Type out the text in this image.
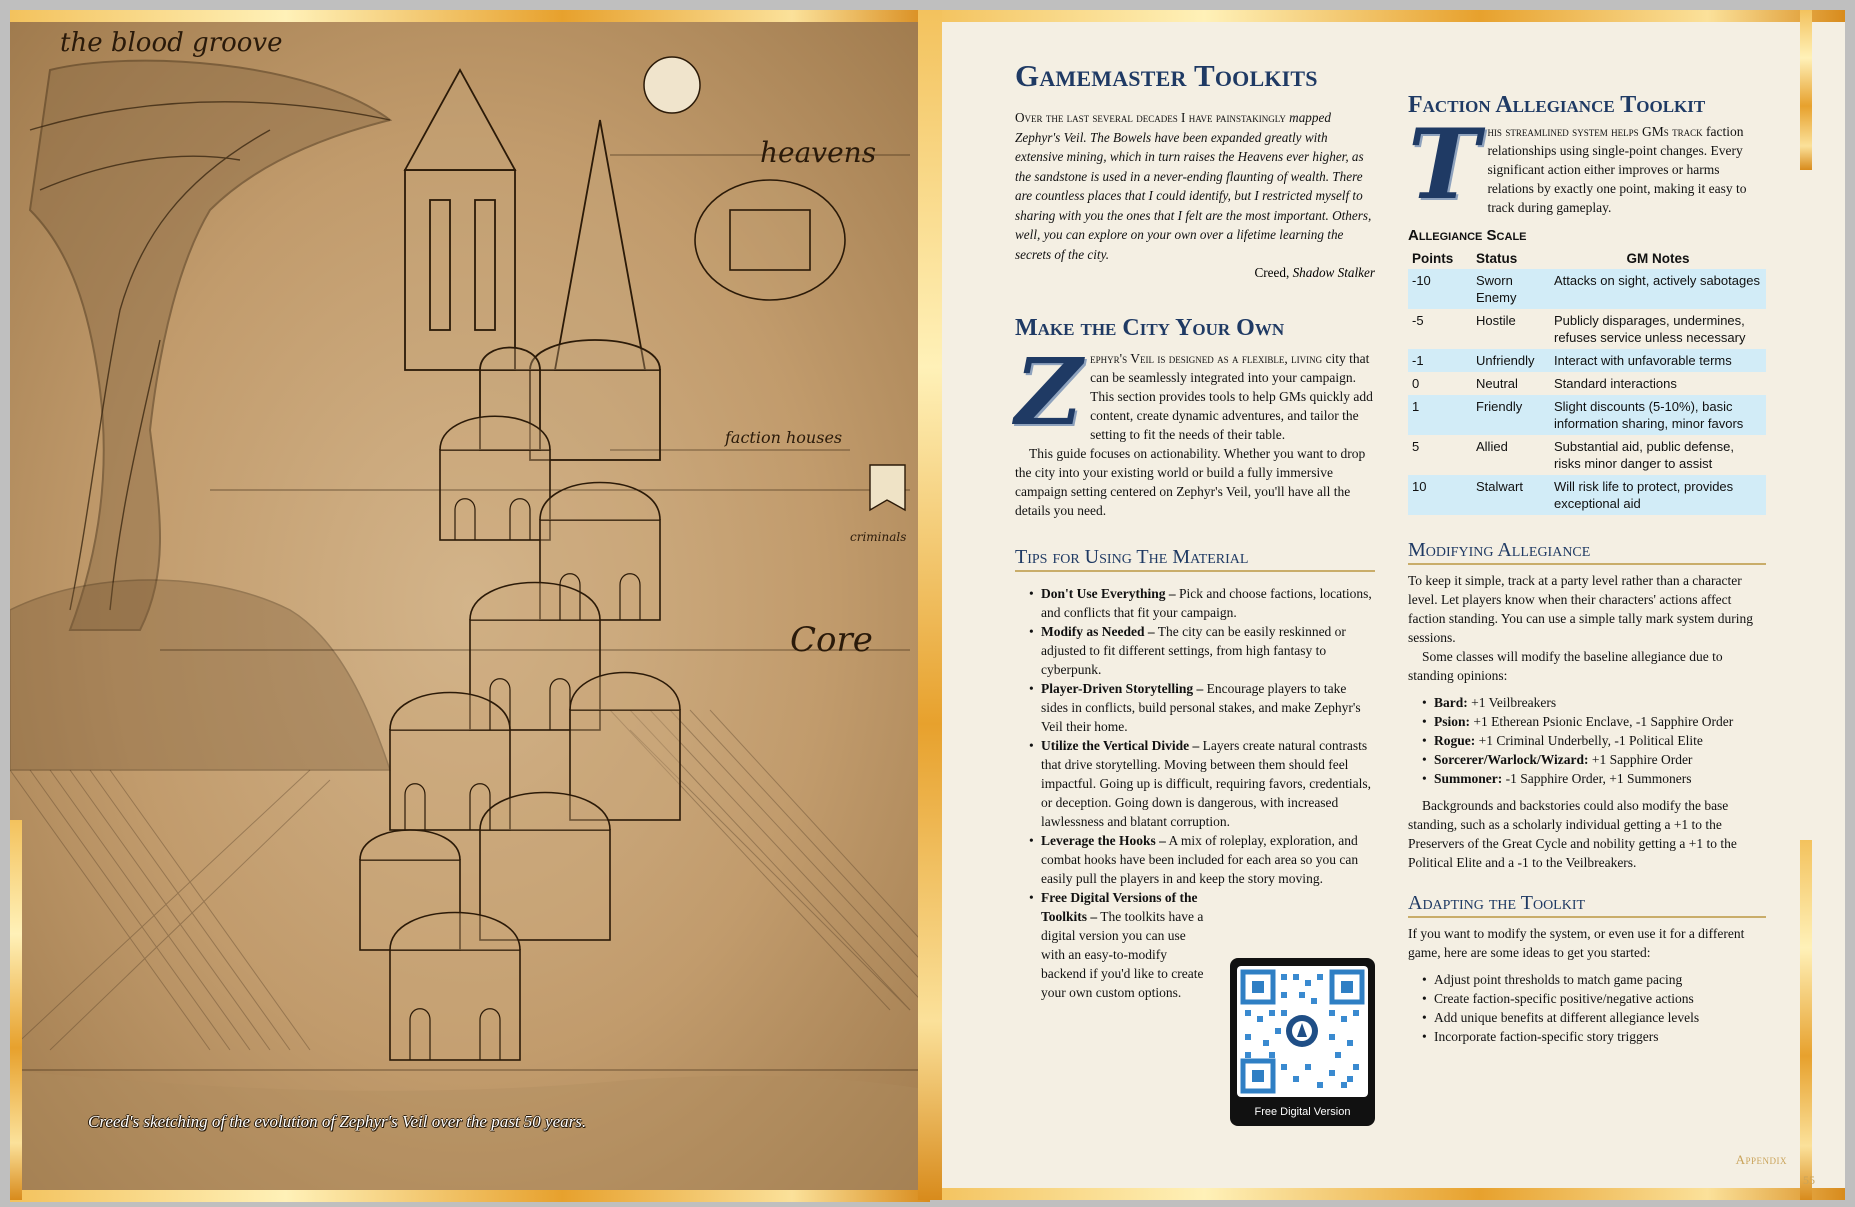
the blood groove
heavens
faction houses
criminals
Core
Creed's sketching of the evolution of Zephyr's Veil over the past 50 years.
Gamemaster Toolkits
Over the last several decades I have painstakingly mapped Zephyr's Veil. The Bowels have been expanded greatly with extensive mining, which in turn raises the Heavens ever higher, as the sandstone is used in a never-ending flaunting of wealth. There are countless places that I could identify, but I restricted myself to sharing with you the ones that I felt are the most important. Others, well, you can explore on your own over a lifetime learning the secrets of the city.
Creed, Shadow Stalker
Make the City Your Own
Z ephyr's Veil is designed as a flexible, living city that can be seamlessly integrated into your campaign. This section provides tools to help GMs quickly add content, create dynamic adventures, and tailor the setting to fit the needs of their table.

This guide focuses on actionability. Whether you want to drop the city into your existing world or build a fully immersive campaign setting centered on Zephyr's Veil, you'll have all the details you need.

Tips for Using The Material
• Don't Use Everything – Pick and choose factions, locations, and conflicts that fit your campaign.
• Modify as Needed – The city can be easily reskinned or adjusted to fit different settings, from high fantasy to cyberpunk.
• Player-Driven Storytelling – Encourage players to take sides in conflicts, build personal stakes, and make Zephyr's Veil their home.
• Utilize the Vertical Divide – Layers create natural contrasts that drive storytelling. Moving between them should feel impactful. Going up is difficult, requiring favors, credentials, or deception. Going down is dangerous, with increased lawlessness and blatant corruption.
• Leverage the Hooks – A mix of roleplay, exploration, and combat hooks have been included for each area so you can easily pull the players in and keep the story moving.
• Free Digital Versions of the Toolkits – The toolkits have a digital version you can use with an easy-to-modify backend if you'd like to create your own custom options.
Free Digital Version
Faction Allegiance Toolkit
T his streamlined system helps GMs track faction relationships using single-point changes. Every significant action either improves or harms relations by exactly one point, making it easy to track during gameplay.

Allegiance Scale
Points	Status	GM Notes
-10	Sworn Enemy	Attacks on sight, actively sabotages
-5	Hostile	Publicly disparages, undermines, refuses service unless necessary
-1	Unfriendly	Interact with unfavorable terms
0	Neutral	Standard interactions
1	Friendly	Slight discounts (5-10%), basic information sharing, minor favors
5	Allied	Substantial aid, public defense, risks minor danger to assist
10	Stalwart	Will risk life to protect, provides exceptional aid
Modifying Allegiance

To keep it simple, track at a party level rather than a character level. Let players know when their characters' actions affect faction standing. You can use a simple tally mark system during sessions.

Some classes will modify the baseline allegiance due to standing opinions:

• Bard: +1 Veilbreakers
• Psion: +1 Etherean Psionic Enclave, -1 Sapphire Order
• Rogue: +1 Criminal Underbelly, -1 Political Elite
• Sorcerer/Warlock/Wizard: +1 Sapphire Order
• Summoner: -1 Sapphire Order, +1 Summoners

Backgrounds and backstories could also modify the base standing, such as a scholarly individual getting a +1 to the Preservers of the Great Cycle and nobility getting a +1 to the Political Elite and a -1 to the Veilbreakers.

Adapting the Toolkit

If you want to modify the system, or even use it for a different game, here are some ideas to get you started:

• Adjust point thresholds to match game pacing
• Create faction-specific positive/negative actions
• Add unique benefits at different allegiance levels
• Incorporate faction-specific story triggers
Appendix
55
